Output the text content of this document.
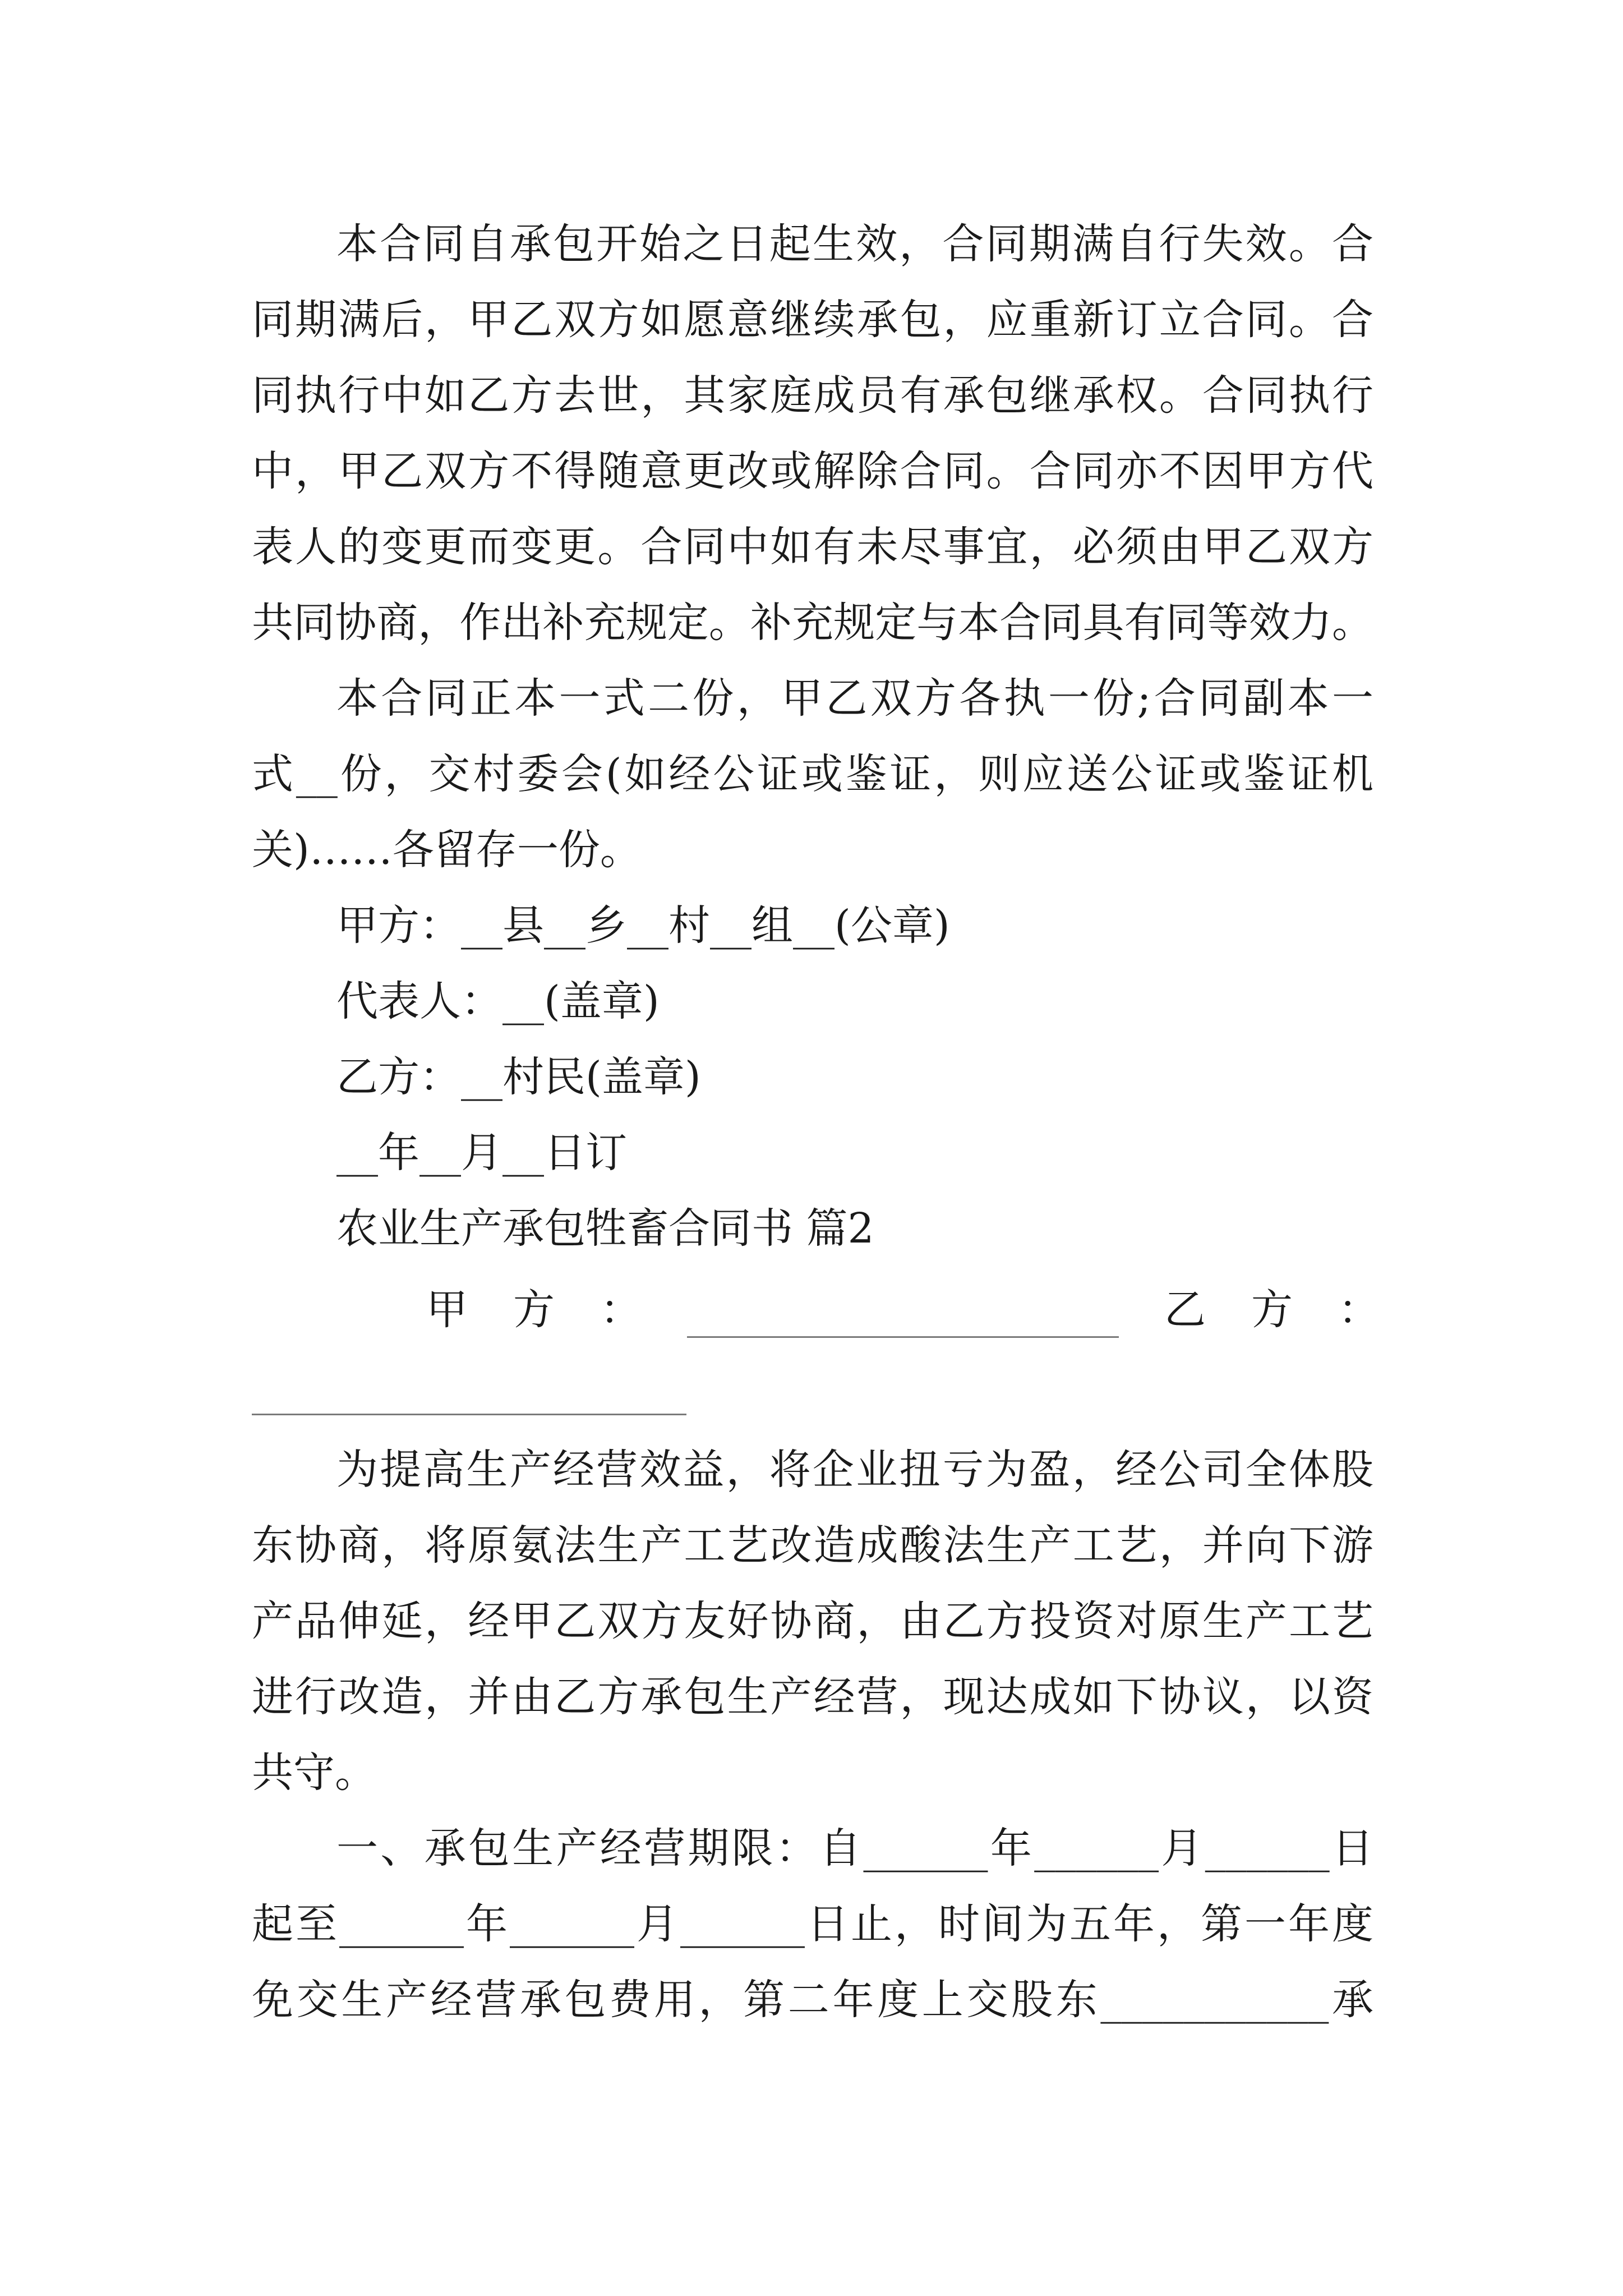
本合同自承包开始之日起生效，合同期满自行失效。合
同期满后，甲乙双方如愿意继续承包，应重新订立合同。合
同执行中如乙方去世，其家庭成员有承包继承权。合同执行
中，甲乙双方不得随意更改或解除合同。合同亦不因甲方代
表人的变更而变更。合同中如有未尽事宜，必须由甲乙双方
共同协商，作出补充规定。补充规定与本合同具有同等效力。
本合同正本一式二份，甲乙双方各执一份;合同副本一
式__份，交村委会(如经公证或鉴证，则应送公证或鉴证机
关)……各留存一份。
甲方：__县__乡__村__组__(公章)
代表人：__(盖章)
乙方：__村民(盖章)
__年__月__日订
农业生产承包牲畜合同书 篇2
甲 方 ：	乙 方 ：
为提高生产经营效益，将企业扭亏为盈，经公司全体股
东协商，将原氨法生产工艺改造成酸法生产工艺，并向下游
产品伸延，经甲乙双方友好协商，由乙方投资对原生产工艺
进行改造，并由乙方承包生产经营，现达成如下协议，以资
共守。
一、承包生产经营期限：自______年______月______日
起至______年______月______日止，时间为五年，第一年度
免交生产经营承包费用，第二年度上交股东___________承
